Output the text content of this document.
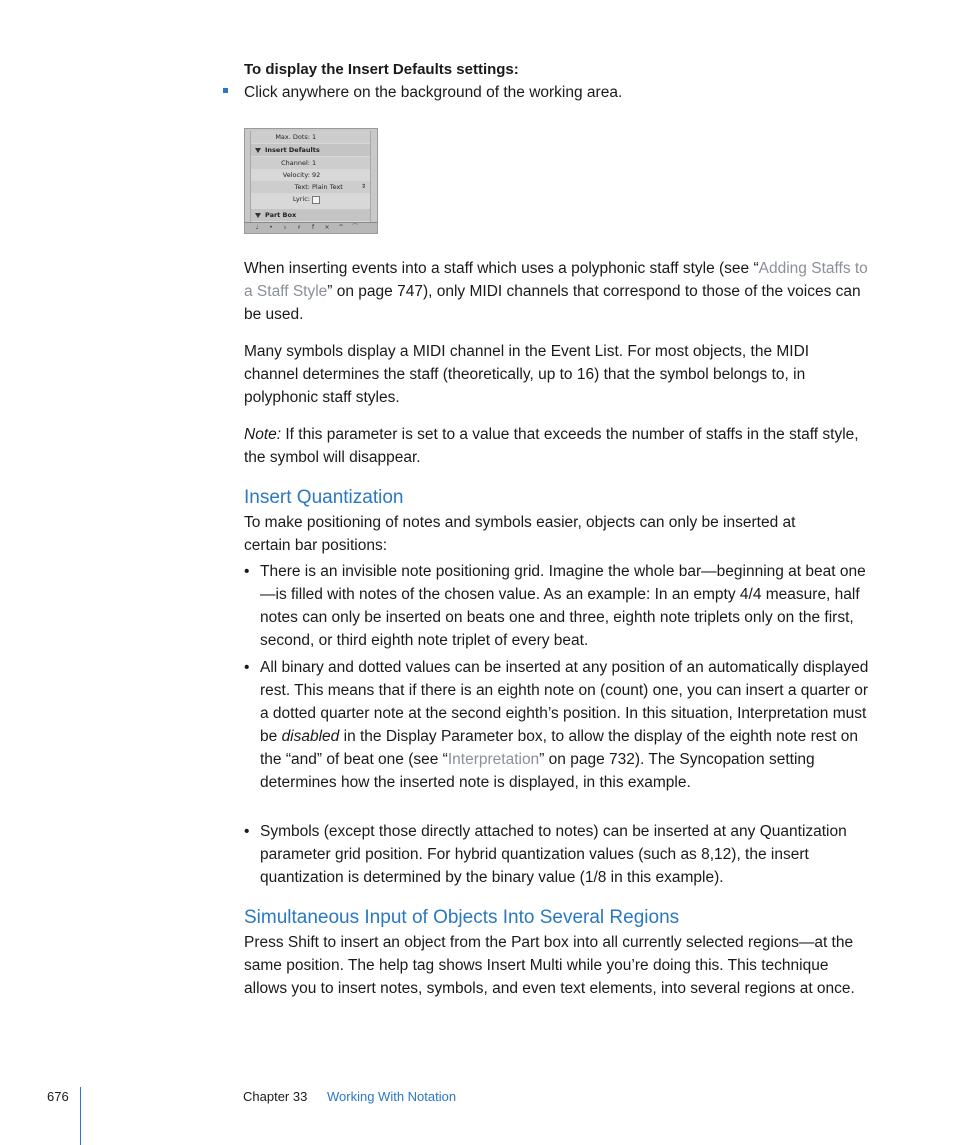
To display the Insert Defaults settings:
Click anywhere on the background of the working area.
Max. Dots: 1
Insert Defaults
Channel: 1
Velocity: 92
Text: Plain Text	⇕
Lyric:
Part Box
♩	•	♭	♯	f	× ^ ⌒

When inserting events into a staff which uses a polyphonic staff style (see “Adding Staffs to a Staff Style” on page 747), only MIDI channels that correspond to those of the voices can be used.

Many symbols display a MIDI channel in the Event List. For most objects, the MIDI channel determines the staff (theoretically, up to 16) that the symbol belongs to, in polyphonic staff styles.

Note: If this parameter is set to a value that exceeds the number of staffs in the staff style, the symbol will disappear.

Insert Quantization

To make positioning of notes and symbols easier, objects can only be inserted at certain bar positions:

• There is an invisible note positioning grid. Imagine the whole bar—beginning at beat one—is filled with notes of the chosen value. As an example: In an empty 4/4 measure, half notes can only be inserted on beats one and three, eighth note triplets only on the first, second, or third eighth note triplet of every beat.

• All binary and dotted values can be inserted at any position of an automatically displayed rest. This means that if there is an eighth note on (count) one, you can insert a quarter or a dotted quarter note at the second eighth’s position. In this situation, Interpretation must be disabled in the Display Parameter box, to allow the display of the eighth note rest on the “and” of beat one (see “Interpretation” on page 732). The Syncopation setting determines how the inserted note is displayed, in this example.

• Symbols (except those directly attached to notes) can be inserted at any Quantization parameter grid position. For hybrid quantization values (such as 8,12), the insert quantization is determined by the binary value (1/8 in this example).

Simultaneous Input of Objects Into Several Regions

Press Shift to insert an object from the Part box into all currently selected regions—at the same position. The help tag shows Insert Multi while you’re doing this. This technique allows you to insert notes, symbols, and even text elements, into several regions at once.

676	Chapter 33 Working With Notation
